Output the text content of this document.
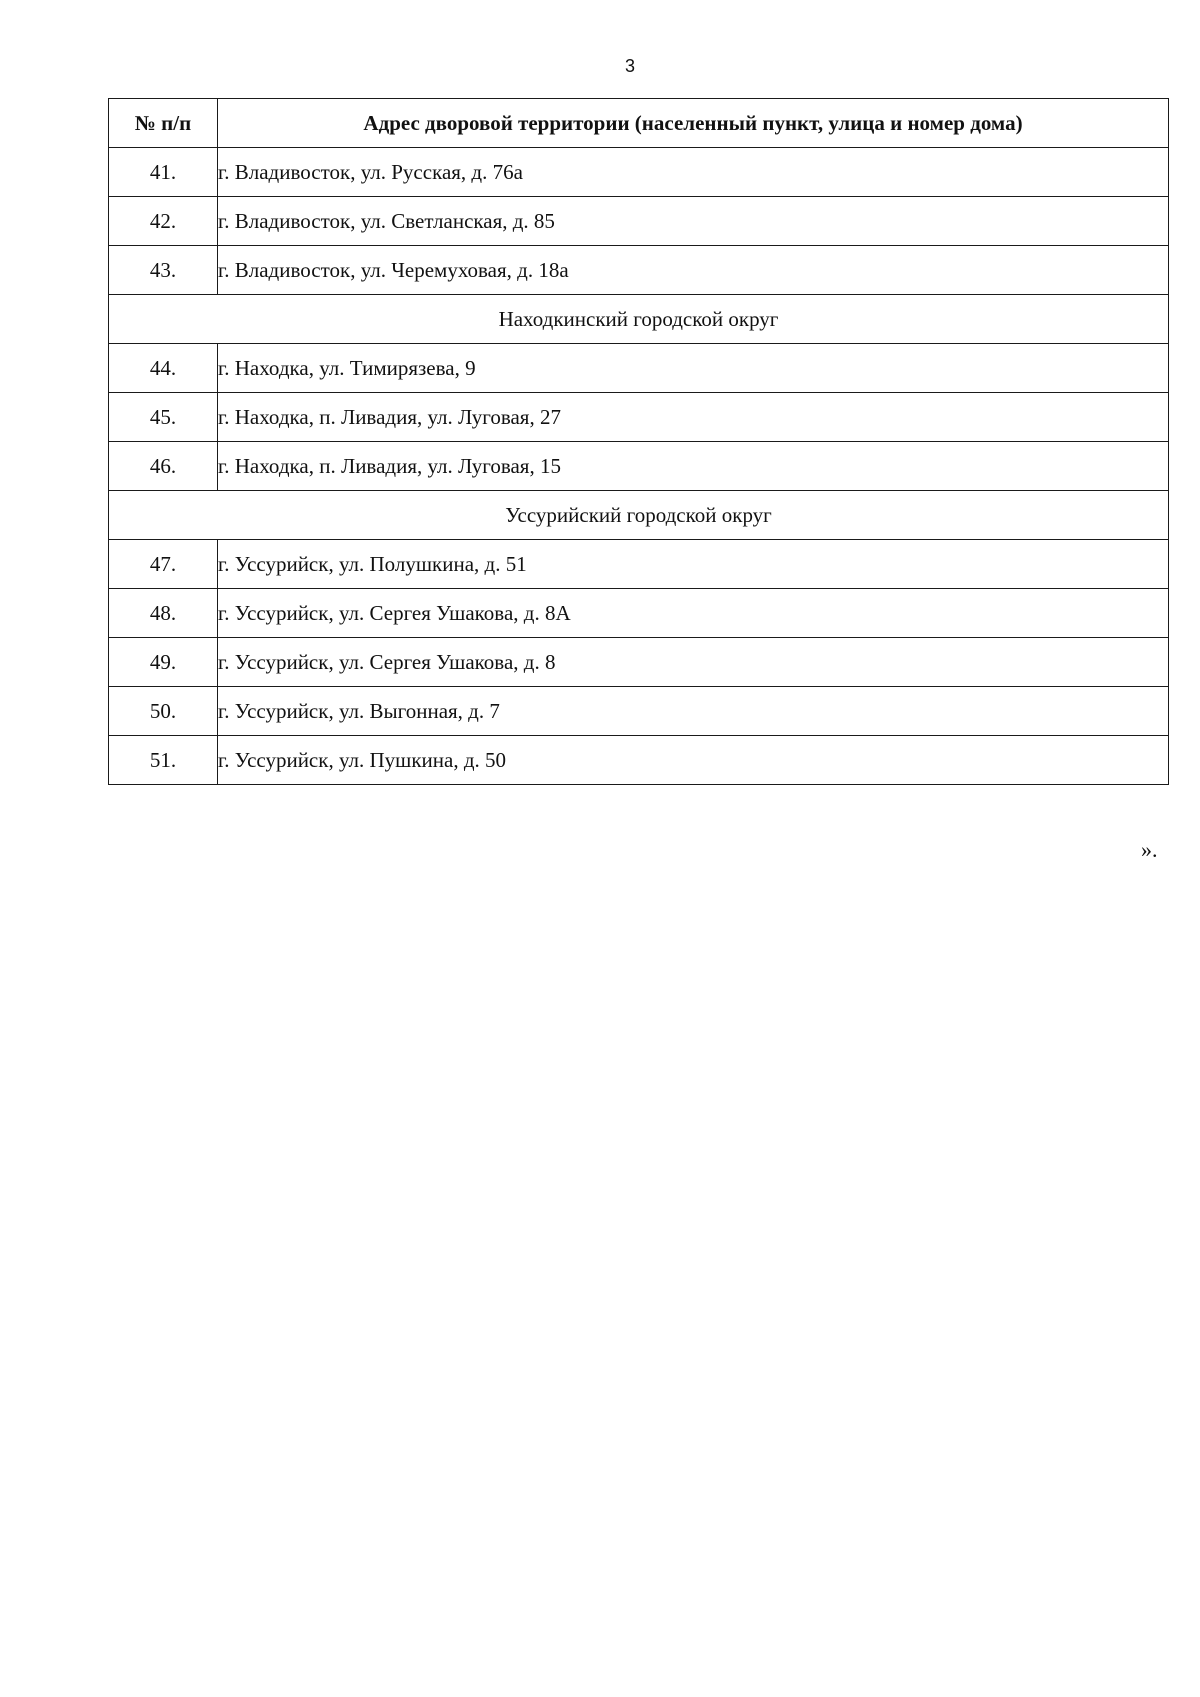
3
№ п/п	Адрес дворовой территории (населенный пункт, улица и номер дома)
41.	г. Владивосток, ул. Русская, д. 76а
42.	г. Владивосток, ул. Светланская, д. 85
43.	г. Владивосток, ул. Черемуховая, д. 18а
Находкинский городской округ	
44.	г. Находка, ул. Тимирязева, 9
45.	г. Находка, п. Ливадия, ул. Луговая, 27
46.	г. Находка, п. Ливадия, ул. Луговая, 15
Уссурийский городской округ	
47.	г. Уссурийск, ул. Полушкина, д. 51
48.	г. Уссурийск, ул. Сергея Ушакова, д. 8А
49.	г. Уссурийск, ул. Сергея Ушакова, д. 8
50.	г. Уссурийск, ул. Выгонная, д. 7
51.	г. Уссурийск, ул. Пушкина, д. 50
».
